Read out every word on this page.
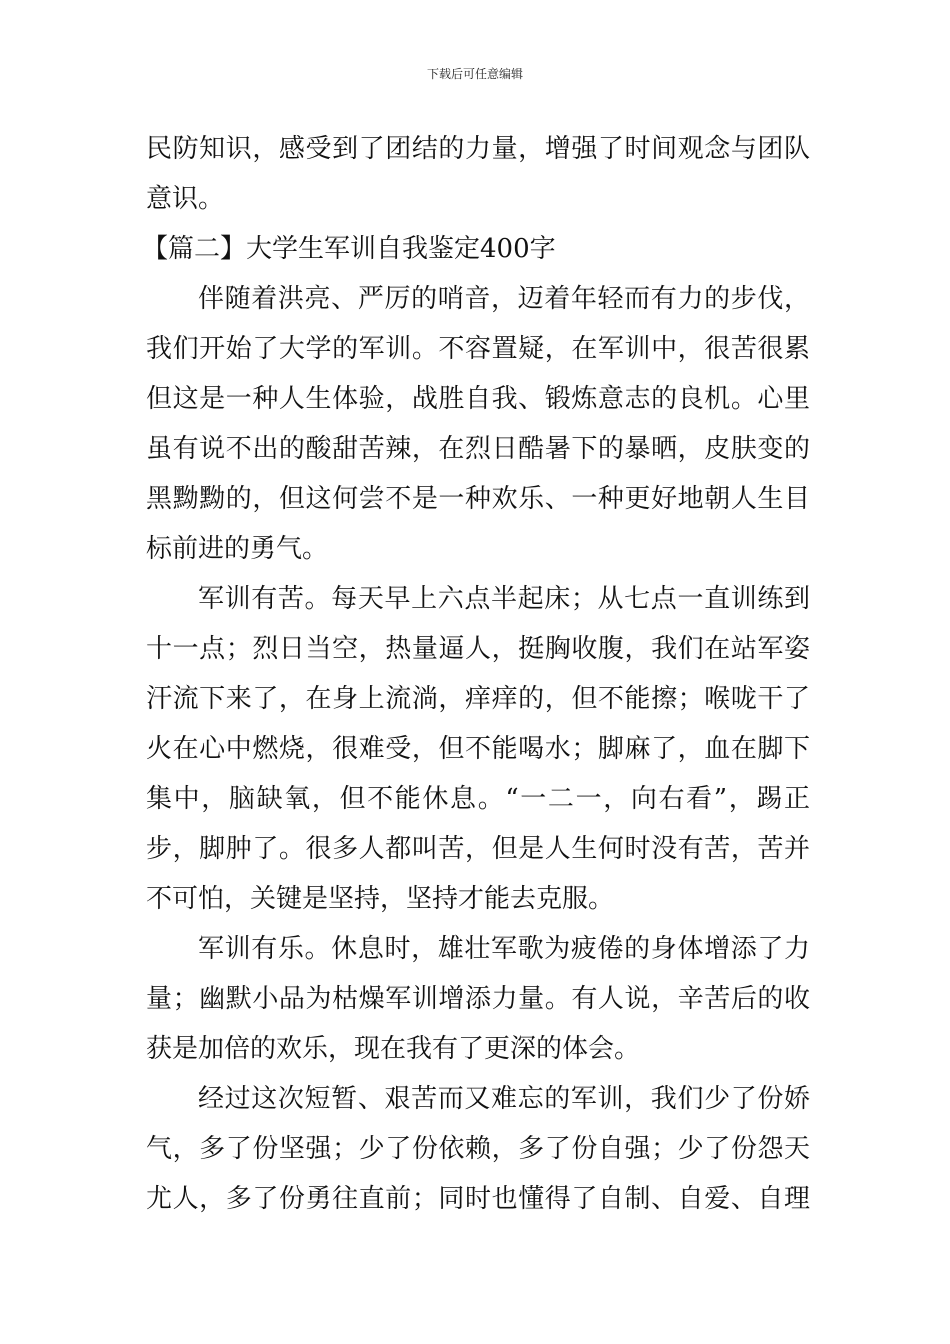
下载后可任意编辑
民防知识，感受到了团结的力量，增强了时间观念与团队
意识。
【篇二】大学生军训自我鉴定400字
伴随着洪亮、严厉的哨音，迈着年轻而有力的步伐，
我们开始了大学的军训。不容置疑，在军训中，很苦很累
但这是一种人生体验，战胜自我、锻炼意志的良机。心里
虽有说不出的酸甜苦辣，在烈日酷暑下的暴晒，皮肤变的
黑黝黝的，但这何尝不是一种欢乐、一种更好地朝人生目
标前进的勇气。
军训有苦。每天早上六点半起床；从七点一直训练到
十一点；烈日当空，热量逼人，挺胸收腹，我们在站军姿
汗流下来了，在身上流淌，痒痒的，但不能擦；喉咙干了
火在心中燃烧，很难受，但不能喝水；脚麻了，血在脚下
集中，脑缺氧，但不能休息。“一二一，向右看”，踢正
步，脚肿了。很多人都叫苦，但是人生何时没有苦，苦并
不可怕，关键是坚持，坚持才能去克服。
军训有乐。休息时，雄壮军歌为疲倦的身体增添了力
量；幽默小品为枯燥军训增添力量。有人说，辛苦后的收
获是加倍的欢乐，现在我有了更深的体会。
经过这次短暂、艰苦而又难忘的军训，我们少了份娇
气，多了份坚强；少了份依赖，多了份自强；少了份怨天
尤人，多了份勇往直前；同时也懂得了自制、自爱、自理
